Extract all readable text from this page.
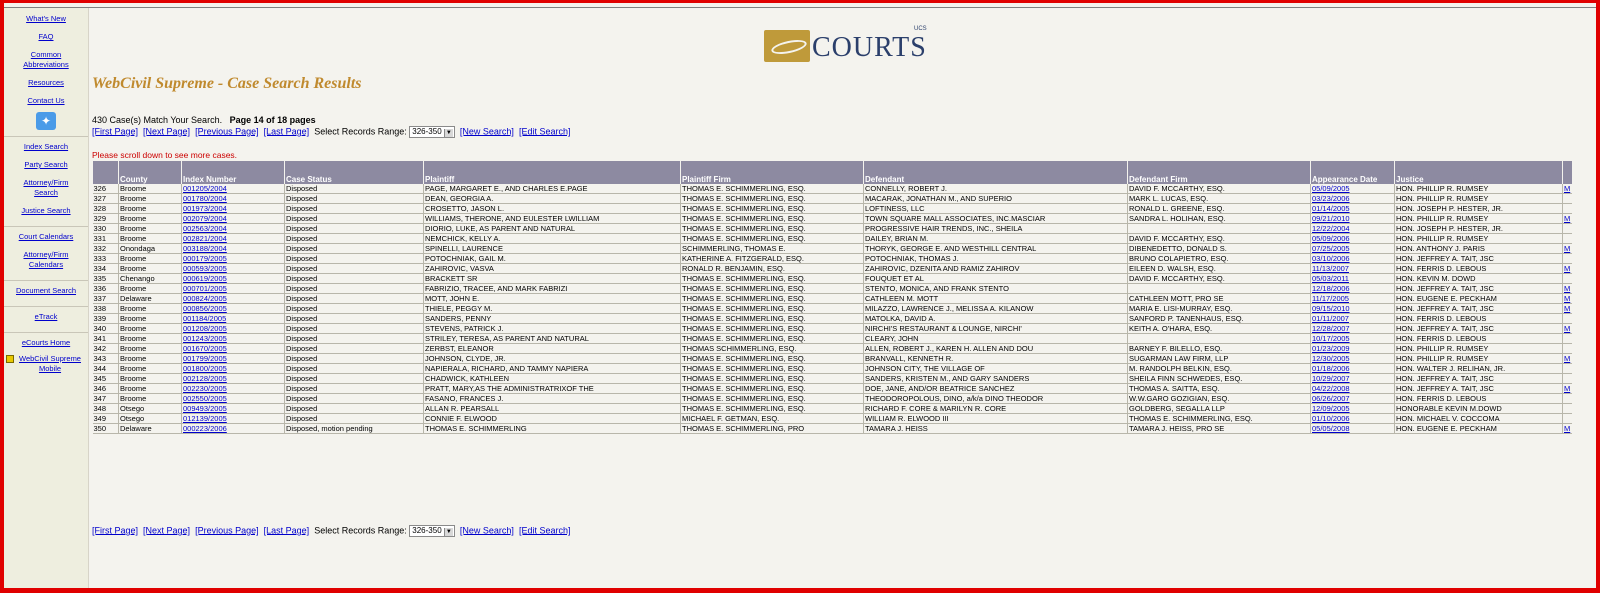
What's New
FAQ
Common Abbreviations
Resources
Contact Us
✦
Index Search
Party Search
Attorney/Firm Search
Justice Search
Court Calendars
Attorney/Firm Calendars
Document Search
eTrack
eCourts Home
WebCivil Supreme Mobile
COURTS
UCS
WebCivil Supreme - Case Search Results
430 Case(s) Match Your Search. Page 14 of 18 pages
[First Page] [Next Page] [Previous Page] [Last Page] Select Records Range: 326-350 ▼ [New Search] [Edit Search]
Please scroll down to see more cases.
	County	Index Number	Case Status	Plaintiff	Plaintiff Firm	Defendant	Defendant Firm	Appearance Date	Justice	
326	Broome	001205/2004	Disposed	PAGE, MARGARET E., AND CHARLES E.PAGE	THOMAS E. SCHIMMERLING, ESQ.	CONNELLY, ROBERT J.	DAVID F. MCCARTHY, ESQ.	05/09/2005	HON. PHILLIP R. RUMSEY	M
327	Broome	001780/2004	Disposed	DEAN, GEORGIA A.	THOMAS E. SCHIMMERLING, ESQ.	MACARAK, JONATHAN M., AND SUPERIO	MARK L. LUCAS, ESQ.	03/23/2006	HON. PHILLIP R. RUMSEY	
328	Broome	001973/2004	Disposed	CROSETTO, JASON L.	THOMAS E. SCHIMMERLING, ESQ.	LOFTINESS, LLC	RONALD L. GREENE, ESQ.	01/14/2005	HON. JOSEPH P. HESTER, JR.	
329	Broome	002079/2004	Disposed	WILLIAMS, THERONE, AND EULESTER LWILLIAM	THOMAS E. SCHIMMERLING, ESQ.	TOWN SQUARE MALL ASSOCIATES, INC.MASCIAR	SANDRA L. HOLIHAN, ESQ.	09/21/2010	HON. PHILLIP R. RUMSEY	M
330	Broome	002563/2004	Disposed	DIORIO, LUKE, AS PARENT AND NATURAL	THOMAS E. SCHIMMERLING, ESQ.	PROGRESSIVE HAIR TRENDS, INC., SHEILA		12/22/2004	HON. JOSEPH P. HESTER, JR.	
331	Broome	002821/2004	Disposed	NEMCHICK, KELLY A.	THOMAS E. SCHIMMERLING, ESQ.	DAILEY, BRIAN M.	DAVID F. MCCARTHY, ESQ.	05/09/2006	HON. PHILLIP R. RUMSEY	
332	Onondaga	003188/2004	Disposed	SPINELLI, LAURENCE	SCHIMMERLING, THOMAS E.	THORYK, GEORGE E. AND WESTHILL CENTRAL	DIBENEDETTO, DONALD S.	07/25/2005	HON. ANTHONY J. PARIS	M
333	Broome	000179/2005	Disposed	POTOCHNIAK, GAIL M.	KATHERINE A. FITZGERALD, ESQ.	POTOCHNIAK, THOMAS J.	BRUNO COLAPIETRO, ESQ.	03/10/2006	HON. JEFFREY A. TAIT, JSC	
334	Broome	000593/2005	Disposed	ZAHIROVIC, VASVA	RONALD R. BENJAMIN, ESQ.	ZAHIROVIC, DZENITA AND RAMIZ ZAHIROV	EILEEN D. WALSH, ESQ.	11/13/2007	HON. FERRIS D. LEBOUS	M
335	Chenango	000619/2005	Disposed	BRACKETT SR	THOMAS E. SCHIMMERLING, ESQ.	FOUQUET ET AL	DAVID F. MCCARTHY, ESQ.	05/03/2011	HON. KEVIN M. DOWD	
336	Broome	000701/2005	Disposed	FABRIZIO, TRACEE, AND MARK FABRIZI	THOMAS E. SCHIMMERLING, ESQ.	STENTO, MONICA, AND FRANK STENTO		12/18/2006	HON. JEFFREY A. TAIT, JSC	M
337	Delaware	000824/2005	Disposed	MOTT, JOHN E.	THOMAS E. SCHIMMERLING, ESQ.	CATHLEEN M. MOTT	CATHLEEN MOTT, PRO SE	11/17/2005	HON. EUGENE E. PECKHAM	M
338	Broome	000856/2005	Disposed	THIELE, PEGGY M.	THOMAS E. SCHIMMERLING, ESQ.	MILAZZO, LAWRENCE J., MELISSA A. KILANOW	MARIA E. LISI-MURRAY, ESQ.	09/15/2010	HON. JEFFREY A. TAIT, JSC	M
339	Broome	001184/2005	Disposed	SANDERS, PENNY	THOMAS E. SCHIMMERLING, ESQ.	MATOLKA, DAVID A.	SANFORD P. TANENHAUS, ESQ.	01/11/2007	HON. FERRIS D. LEBOUS	
340	Broome	001208/2005	Disposed	STEVENS, PATRICK J.	THOMAS E. SCHIMMERLING, ESQ.	NIRCHI'S RESTAURANT & LOUNGE, NIRCHI'	KEITH A. O'HARA, ESQ.	12/28/2007	HON. JEFFREY A. TAIT, JSC	M
341	Broome	001243/2005	Disposed	STRILEY, TERESA, AS PARENT AND NATURAL	THOMAS E. SCHIMMERLING, ESQ.	CLEARY, JOHN		10/17/2005	HON. FERRIS D. LEBOUS	
342	Broome	001670/2005	Disposed	ZERBST, ELEANOR	THOMAS SCHIMMERLING, ESQ.	ALLEN, ROBERT J., KAREN H. ALLEN AND DOU	BARNEY F. BILELLO, ESQ.	01/23/2009	HON. PHILLIP R. RUMSEY	
343	Broome	001799/2005	Disposed	JOHNSON, CLYDE, JR.	THOMAS E. SCHIMMERLING, ESQ.	BRANVALL, KENNETH R.	SUGARMAN LAW FIRM, LLP	12/30/2005	HON. PHILLIP R. RUMSEY	M
344	Broome	001800/2005	Disposed	NAPIERALA, RICHARD, AND TAMMY NAPIERA	THOMAS E. SCHIMMERLING, ESQ.	JOHNSON CITY, THE VILLAGE OF	M. RANDOLPH BELKIN, ESQ.	01/18/2006	HON. WALTER J. RELIHAN, JR.	
345	Broome	002128/2005	Disposed	CHADWICK, KATHLEEN	THOMAS E. SCHIMMERLING, ESQ.	SANDERS, KRISTEN M., AND GARY SANDERS	SHEILA FINN SCHWEDES, ESQ.	10/29/2007	HON. JEFFREY A. TAIT, JSC	
346	Broome	002230/2005	Disposed	PRATT, MARY,AS THE ADMINISTRATRIXOF THE	THOMAS E. SCHIMMERLING, ESQ.	DOE, JANE, AND/OR BEATRICE SANCHEZ	THOMAS A. SAITTA, ESQ.	04/22/2008	HON. JEFFREY A. TAIT, JSC	M
347	Broome	002550/2005	Disposed	FASANO, FRANCES J.	THOMAS E. SCHIMMERLING, ESQ.	THEODOROPOLOUS, DINO, a/k/a DINO THEODOR	W.W.GARO GOZIGIAN, ESQ.	06/26/2007	HON. FERRIS D. LEBOUS	
348	Otsego	009493/2005	Disposed	ALLAN R. PEARSALL	THOMAS E. SCHIMMERLING, ESQ.	RICHARD F. CORE & MARILYN R. CORE	GOLDBERG, SEGALLA LLP	12/09/2005	HONORABLE KEVIN M.DOWD	
349	Otsego	012139/2005	Disposed	CONNIE F. ELWOOD	MICHAEL F. GETMAN, ESQ.	WILLIAM R. ELWOOD III	THOMAS E. SCHIMMERLING, ESQ.	01/10/2006	HON. MICHAEL V. COCCOMA	
350	Delaware	000223/2006	Disposed, motion pending	THOMAS E. SCHIMMERLING	THOMAS E. SCHIMMERLING, PRO	TAMARA J. HEISS	TAMARA J. HEISS, PRO SE	05/05/2008	HON. EUGENE E. PECKHAM	M
[First Page] [Next Page] [Previous Page] [Last Page] Select Records Range: 326-350 ▼ [New Search] [Edit Search]
